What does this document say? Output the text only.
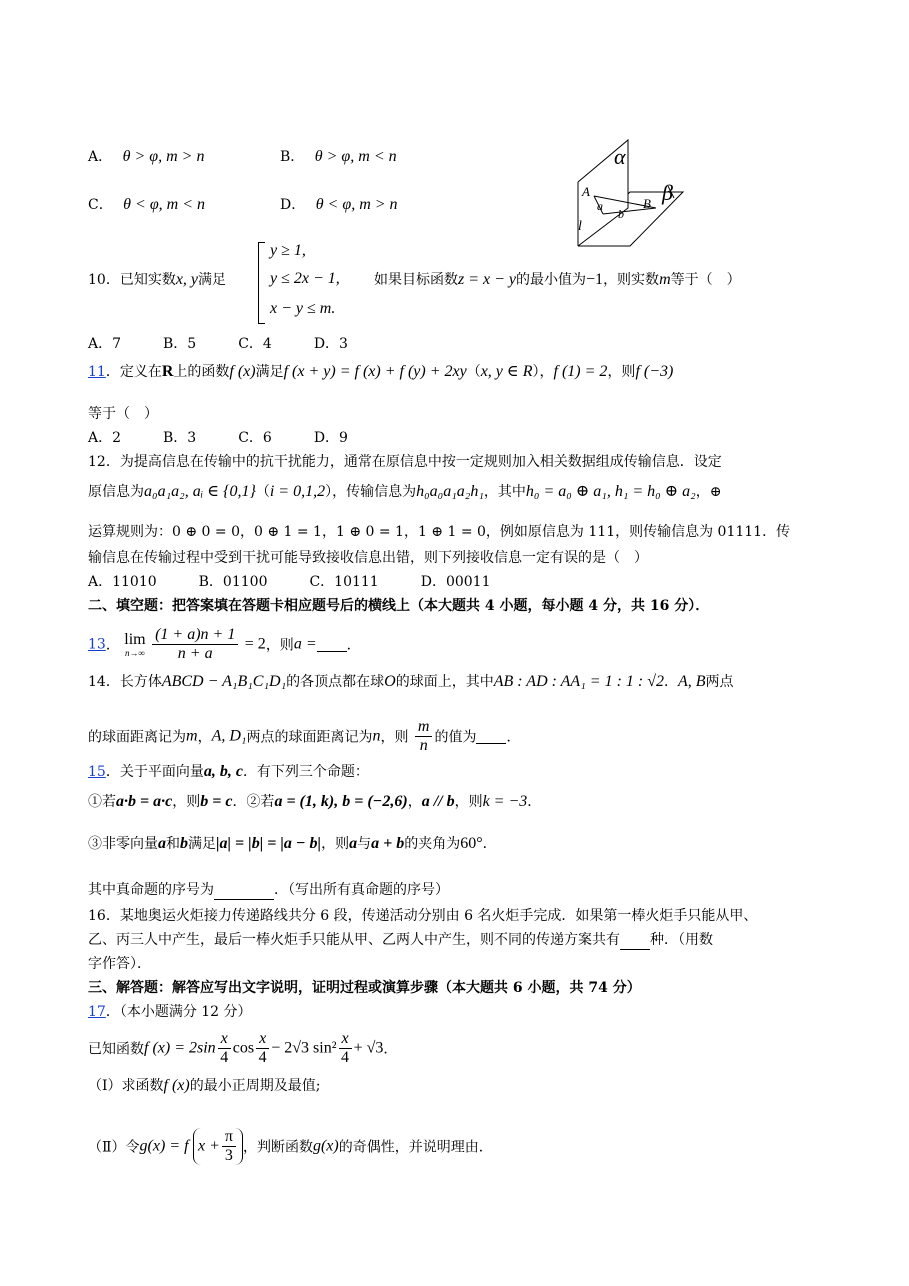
A． θ > φ, m > n	B． θ > φ, m < n
C． θ < φ, m < n	D． θ < φ, m > n
α
β
A
B
a
b
l
10．已知实数x, y满足
y ≥ 1,
y ≤ 2x − 1,
x − y ≤ m.
如果目标函数z = x − y的最小值为−1，则实数m等于（　）
A．7　　　B．5　　　C．4　　　D．3
11．定义在R上的函数f (x)满足f (x + y) = f (x) + f (y) + 2xy（x, y ∈ R），f (1) = 2，则f (−3)
等于（　）
A．2　　　B．3　　　C．6　　　D．9
12．为提高信息在传输中的抗干扰能力，通常在原信息中按一定规则加入相关数据组成传输信息．设定
原信息为a₀a₁a₂, aᵢ ∈ {0,1}（i = 0,1,2），传输信息为h₀a₀a₁a₂h₁，其中h₀ = a₀ ⊕ a₁, h₁ = h₀ ⊕ a₂，⊕
运算规则为：0 ⊕ 0 = 0，0 ⊕ 1 = 1，1 ⊕ 0 = 1，1 ⊕ 1 = 0，例如原信息为 111，则传输信息为 01111．传
输信息在传输过程中受到干扰可能导致接收信息出错，则下列接收信息一定有误的是（　）
A．11010　　　B．01100　　　C．10111　　　D．00011
二、填空题：把答案填在答题卡相应题号后的横线上（本大题共 4 小题，每小题 4 分，共 16 分）．
13． lim
n→∞
$\frac{(1 + a)n + 1}{n + a} = 2$，则a = ．
14．长方体ABCD − A₁B₁C₁D₁的各顶点都在球O的球面上，其中AB : AD : AA₁ = 1 : 1 : √2．A, B两点
的球面距离记为m，A, D₁两点的球面距离记为n，则 $\frac{m}{n}$ 的值为 ．
15．关于平面向量a, b, c．有下列三个命题：
①若a·b = a·c，则b = c．②若a = (1, k), b = (−2,6)，a // b，则k = −3．
③非零向量a和b满足|a| = |b| = |a − b|，则a与a + b的夹角为60°．
其中真命题的序号为	．（写出所有真命题的序号）
16．某地奥运火炬接力传递路线共分 6 段，传递活动分别由 6 名火炬手完成．如果第一棒火炬手只能从甲、
乙、丙三人中产生，最后一棒火炬手只能从甲、乙两人中产生，则不同的传递方案共有 种．（用数
字作答）．
三、解答题：解答应写出文字说明，证明过程或演算步骤（本大题共 6 小题，共 74 分）
17．（本小题满分 12 分）
已知函数f $(x) = 2\sin \frac{x}{4}$ $\cos \frac{x}{4} - 2√3$ $\sin^2 \frac{x}{4} + √3$．
（Ⅰ）求函数f (x)的最小正周期及最值;
（Ⅱ）令g(x) = f $x + \frac{\pi}{3}$ ，判断函数g(x)的奇偶性，并说明理由．
